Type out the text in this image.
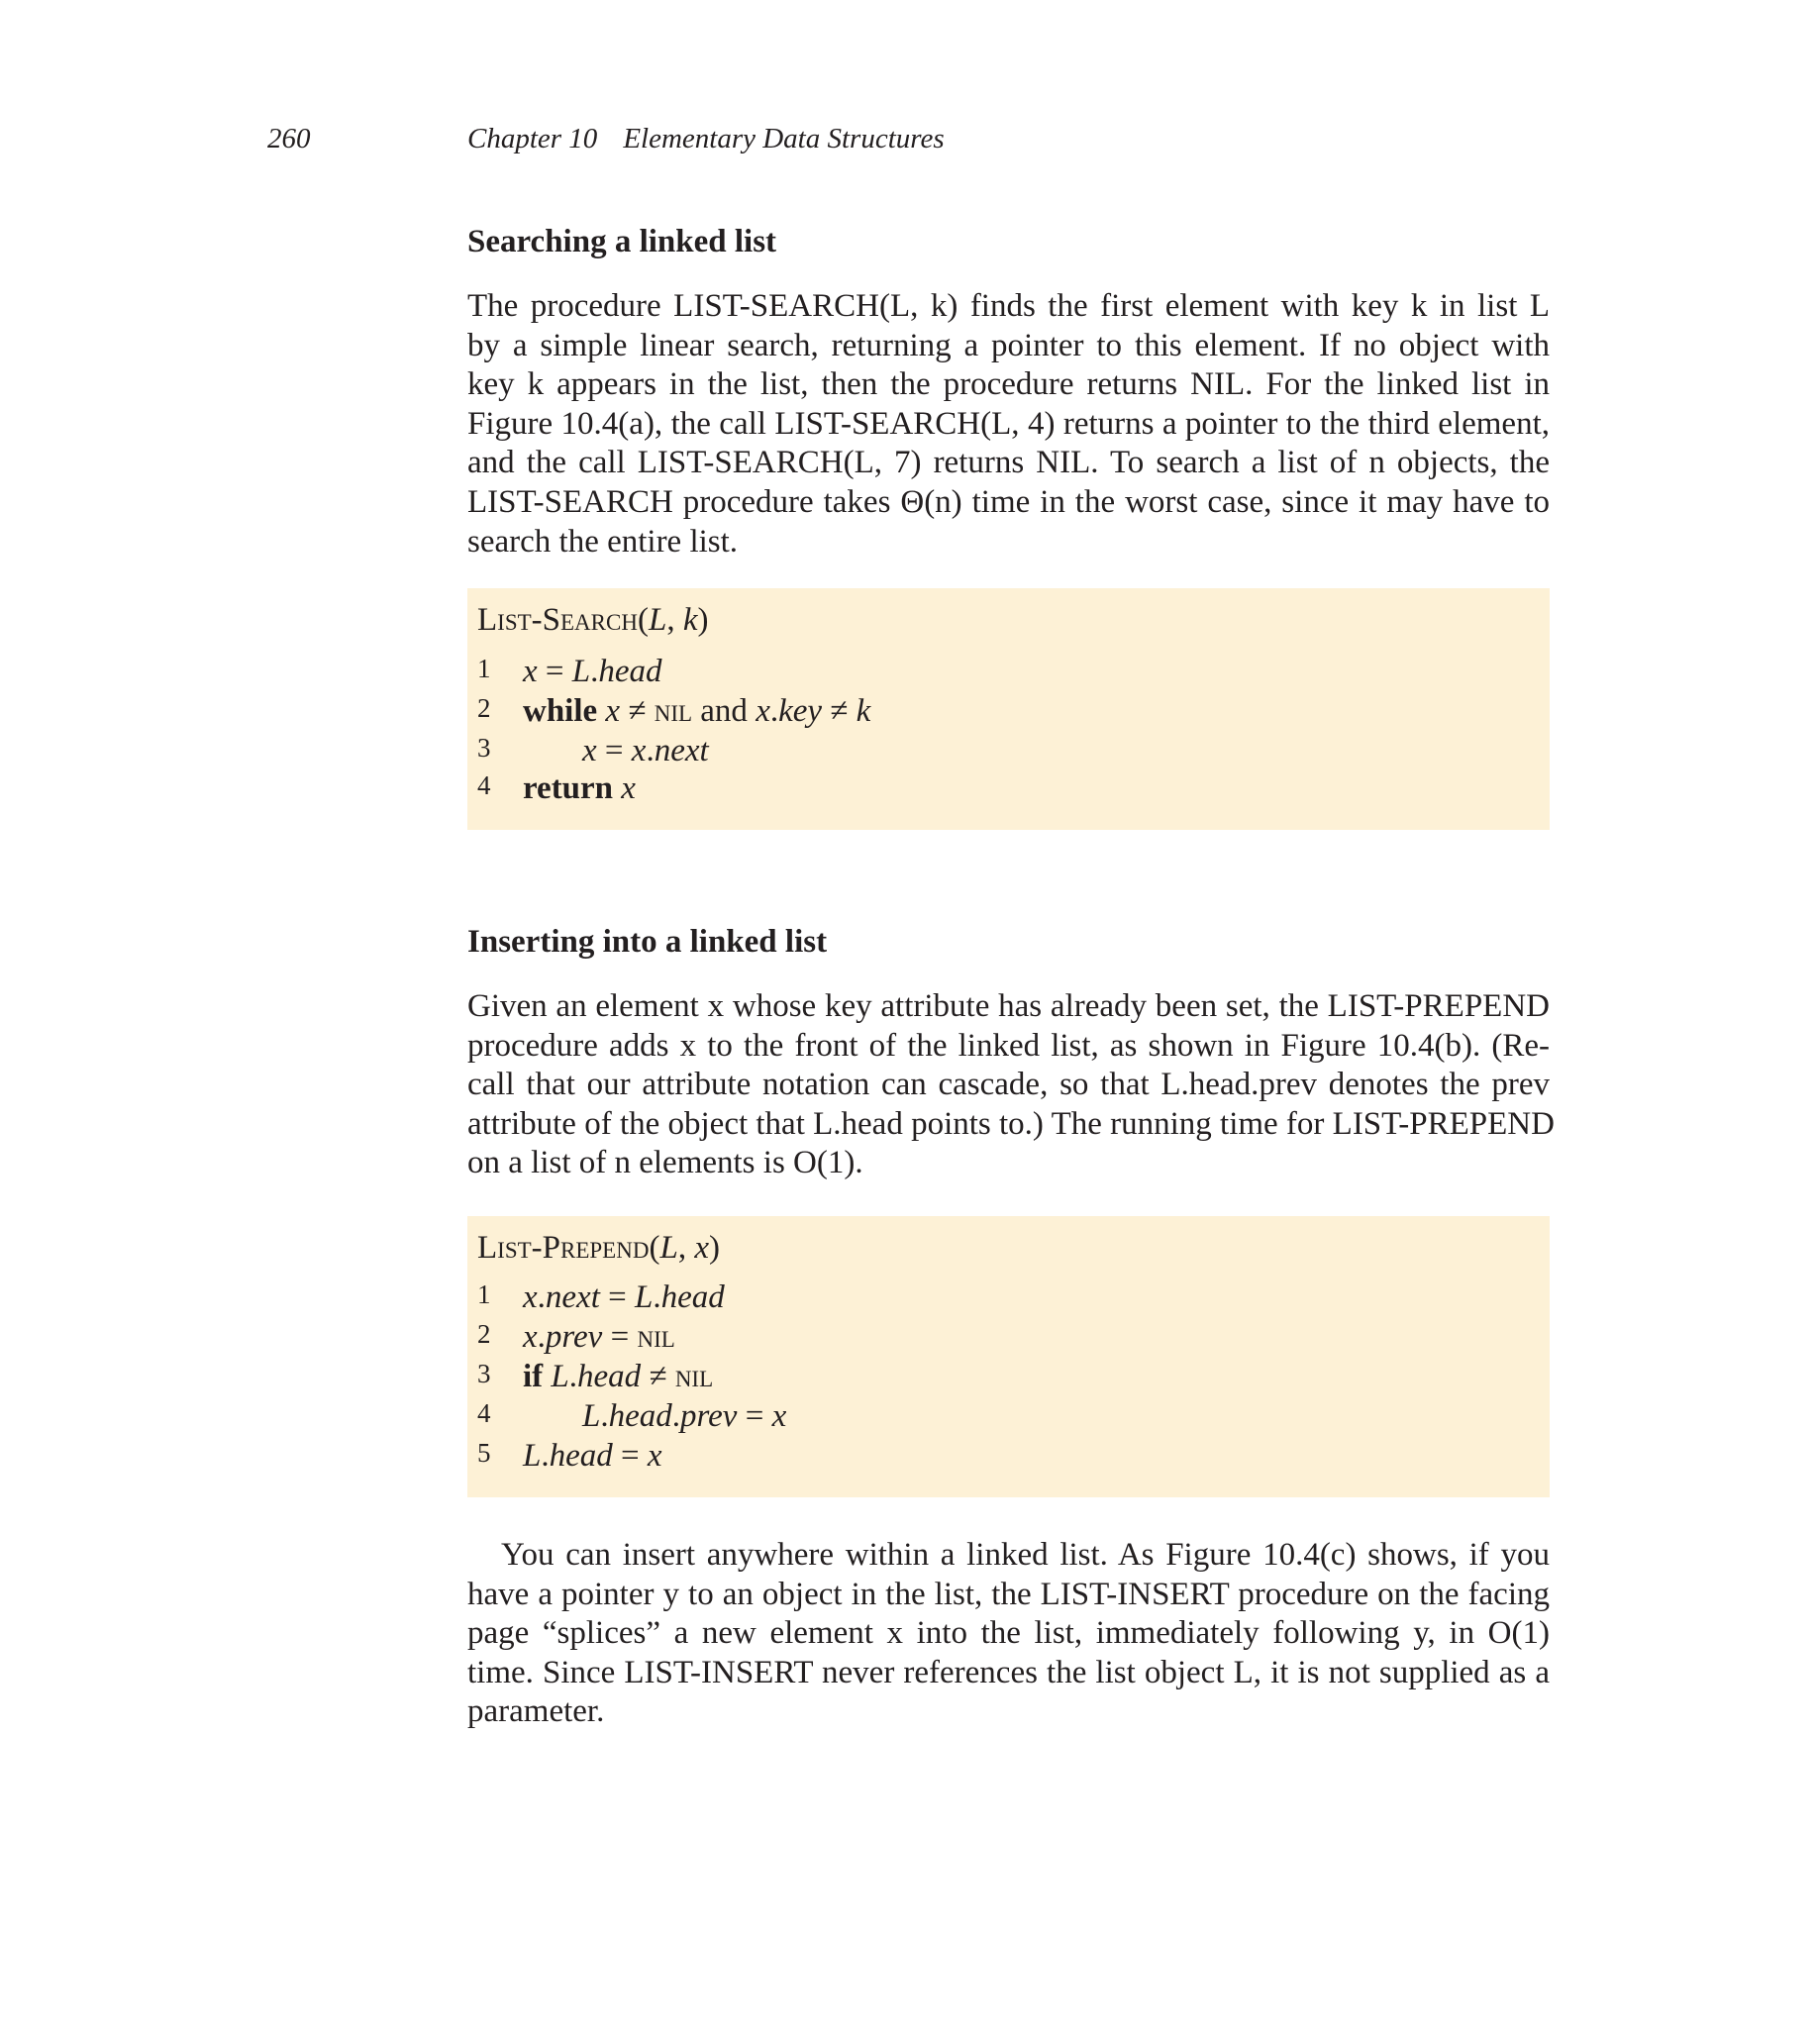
260	Chapter 10 Elementary Data Structures
Searching a linked list
The procedure LIST-SEARCH(L, k) finds the first element with key k in list L
by a simple linear search, returning a pointer to this element. If no object with
key k appears in the list, then the procedure returns NIL. For the linked list in
Figure 10.4(a), the call LIST-SEARCH(L, 4) returns a pointer to the third element,
and the call LIST-SEARCH(L, 7) returns NIL. To search a list of n objects, the
LIST-SEARCH procedure takes Θ(n) time in the worst case, since it may have to
search the entire list.
List-Search(L, k)
1 x = L.head
2 while x ≠ nil and x.key ≠ k
3	x = x.next
4 return x
Inserting into a linked list
Given an element x whose key attribute has already been set, the LIST-PREPEND
procedure adds x to the front of the linked list, as shown in Figure 10.4(b). (Re-
call that our attribute notation can cascade, so that L.head.prev denotes the prev
attribute of the object that L.head points to.) The running time for LIST-PREPEND
on a list of n elements is O(1).
List-Prepend(L, x)
1 x.next = L.head
2 x.prev = nil
3 if L.head ≠ nil
4	L.head.prev = x
5 L.head = x
You can insert anywhere within a linked list. As Figure 10.4(c) shows, if you
have a pointer y to an object in the list, the LIST-INSERT procedure on the facing
page “splices” a new element x into the list, immediately following y, in O(1)
time. Since LIST-INSERT never references the list object L, it is not supplied as a
parameter.
